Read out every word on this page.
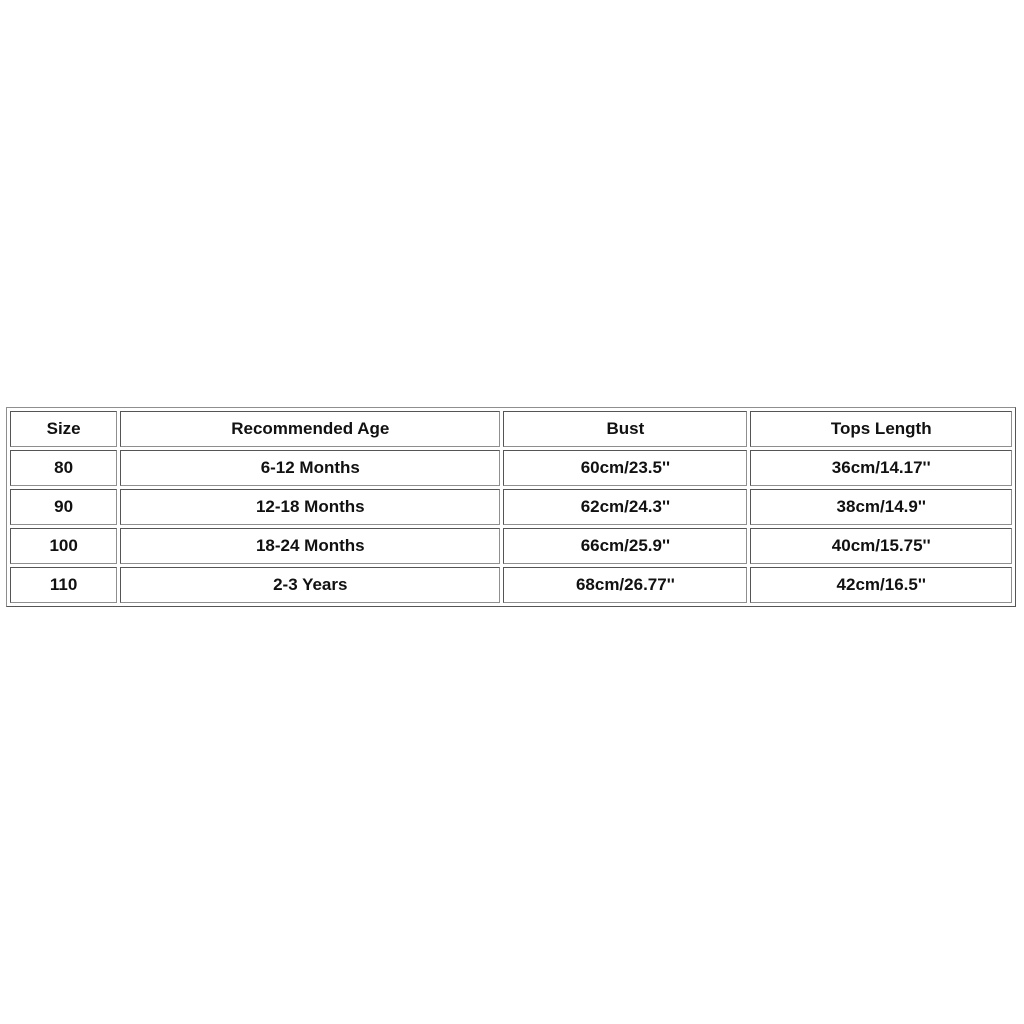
Size	Recommended Age	Bust	Tops Length
80	6-12 Months	60cm/23.5''	36cm/14.17''
90	12-18 Months	62cm/24.3''	38cm/14.9''
100	18-24 Months	66cm/25.9''	40cm/15.75''
110	2-3 Years	68cm/26.77''	42cm/16.5''
